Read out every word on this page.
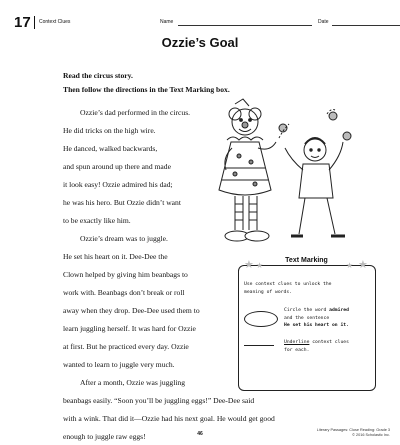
17 Context Clues	Name	Date
Ozzie’s Goal
Read the circus story.
Then follow the directions in the Text Marking box.
Ozzie’s dad performed in the circus.
He did tricks on the high wire.
He danced, walked backwards,
and spun around up there and made
it look easy! Ozzie admired his dad;
he was his hero. But Ozzie didn’t want
to be exactly like him.
Ozzie’s dream was to juggle.
He set his heart on it. Dee-Dee the
Clown helped by giving him beanbags to
work with. Beanbags don’t break or roll
away when they drop. Dee-Dee used them to
learn juggling herself. It was hard for Ozzie
at first. But he practiced every day. Ozzie
wanted to learn to juggle very much.
After a month, Ozzie was juggling
beanbags easily. “Soon you’ll be juggling eggs!” Dee-Dee said
with a wink. That did it—Ozzie had his next goal. He would get good
enough to juggle raw eggs!
★ ★	★ ★
Text Marking
Use context clues to unlock the
meaning of words.
Circle the word admired
and the sentence
He set his heart on it.
Underline context clues
for each.
46
Literary Passages: Close Reading: Grade 3
© 2016 Scholastic Inc.
